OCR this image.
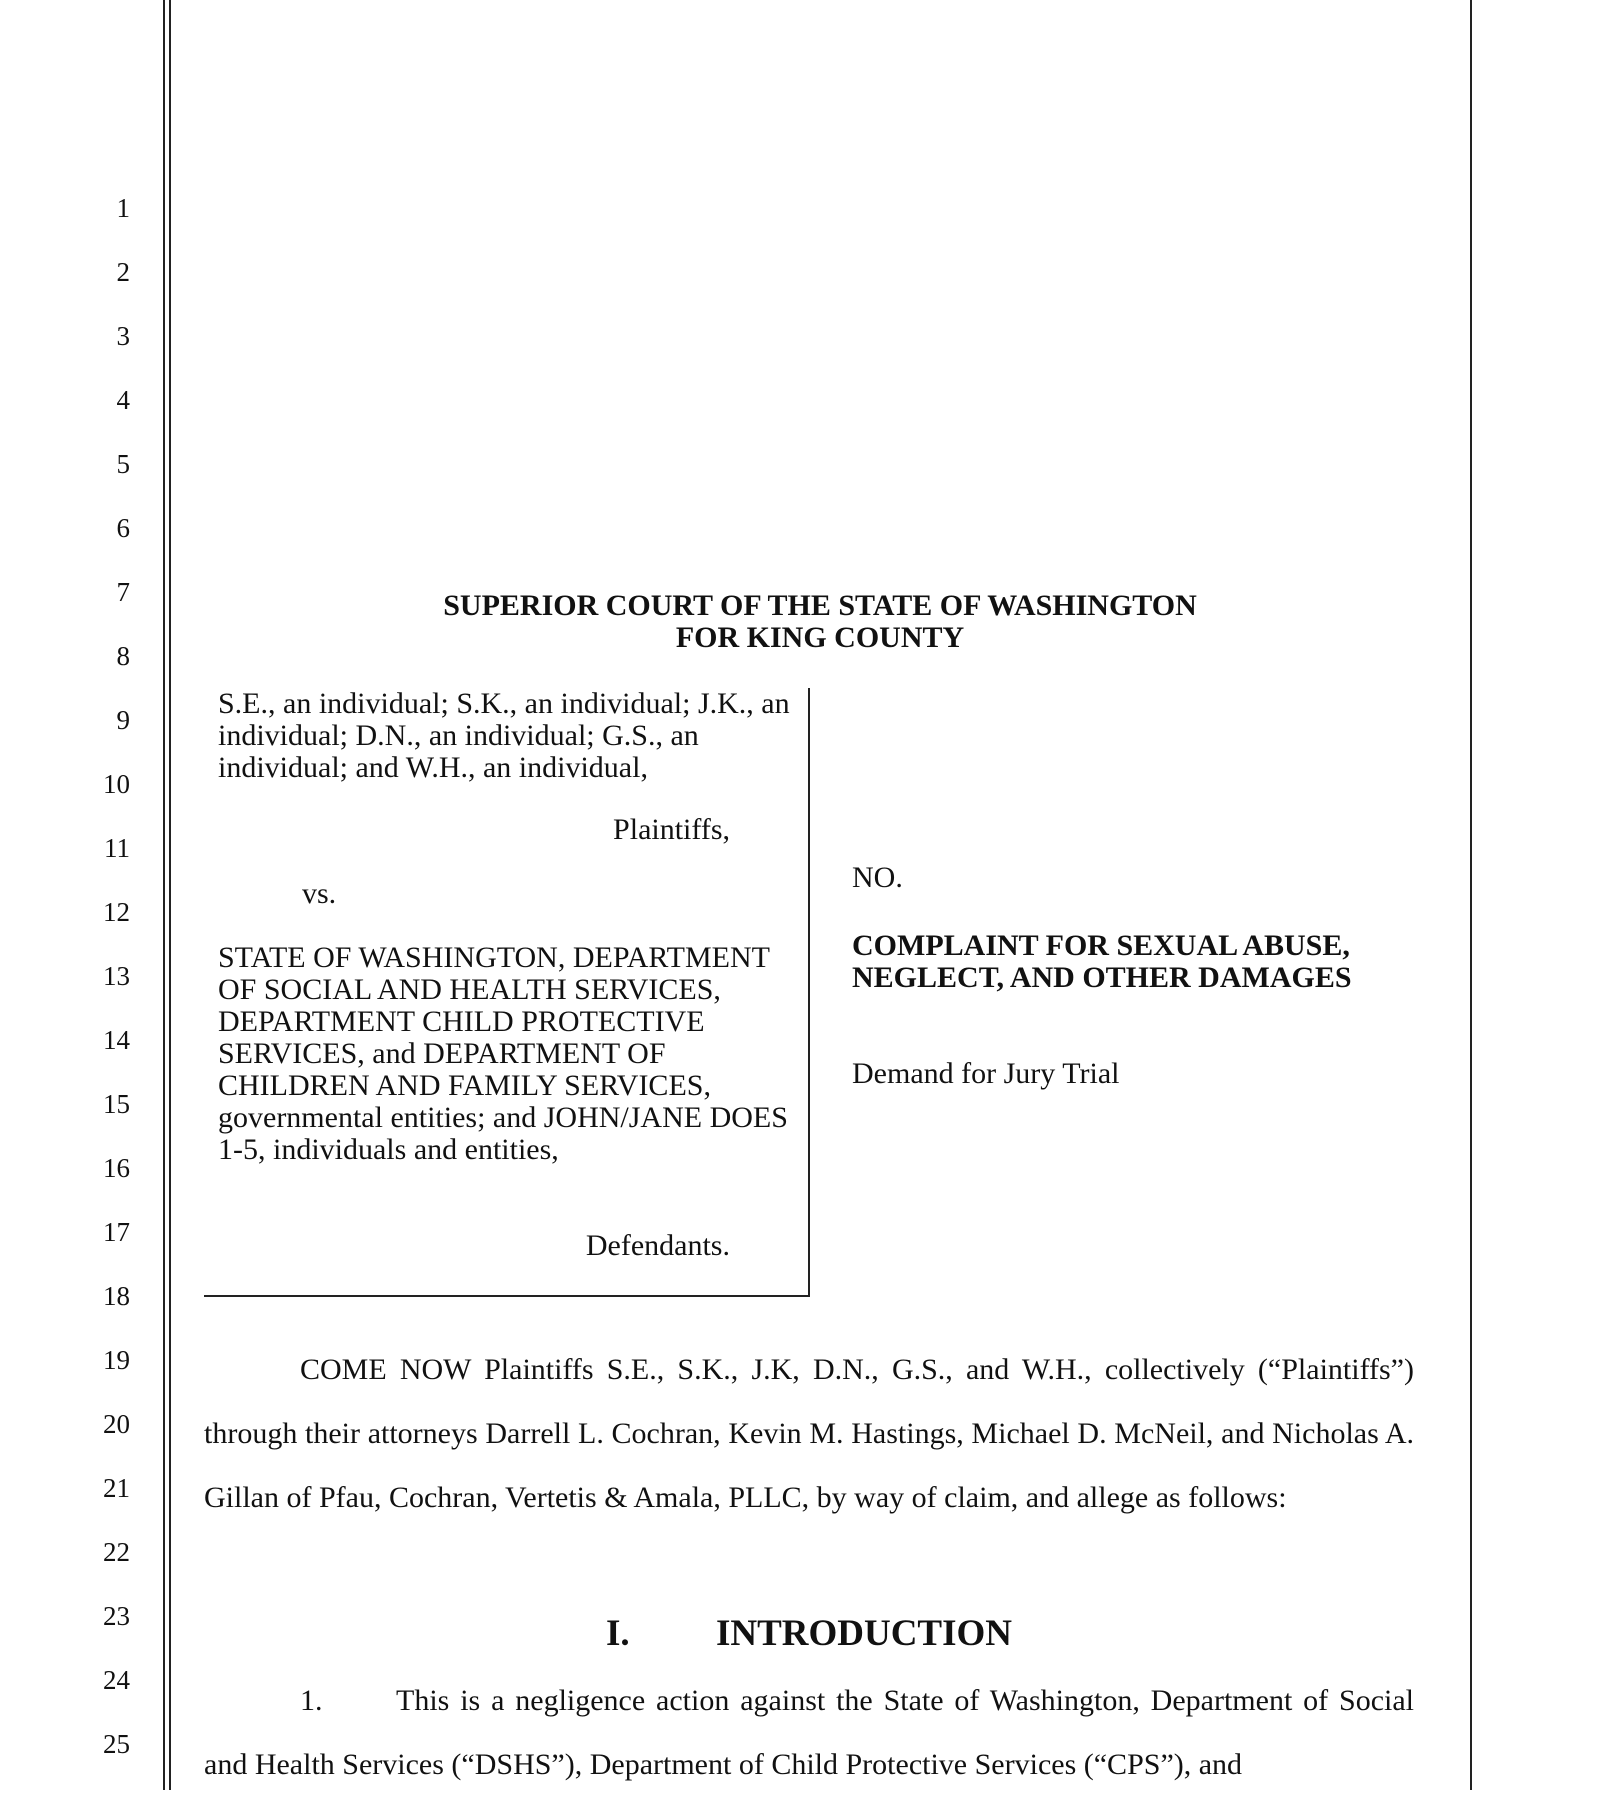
1
2
3
4
5
6
7
8
9
10
11
12
13
14
15
16
17
18
19
20
21
22
23
24
25
SUPERIOR COURT OF THE STATE OF WASHINGTON
FOR KING COUNTY
S.E., an individual; S.K., an individual; J.K., an individual; D.N., an individual; G.S., an individual; and W.H., an individual,
Plaintiffs,
vs.
STATE OF WASHINGTON, DEPARTMENT OF SOCIAL AND HEALTH SERVICES, DEPARTMENT CHILD PROTECTIVE SERVICES, and DEPARTMENT OF CHILDREN AND FAMILY SERVICES, governmental entities; and JOHN/JANE DOES 1-5, individuals and entities,
Defendants.
NO.
COMPLAINT FOR SEXUAL ABUSE, NEGLECT, AND OTHER DAMAGES
Demand for Jury Trial
COME NOW Plaintiffs S.E., S.K., J.K, D.N., G.S., and W.H., collectively (“Plaintiffs”) through their attorneys Darrell L. Cochran, Kevin M. Hastings, Michael D. McNeil, and Nicholas A. Gillan of Pfau, Cochran, Vertetis & Amala, PLLC, by way of claim, and allege as follows:
I. INTRODUCTION
1. This is a negligence action against the State of Washington, Department of Social and Health Services (“DSHS”), Department of Child Protective Services (“CPS”), and
